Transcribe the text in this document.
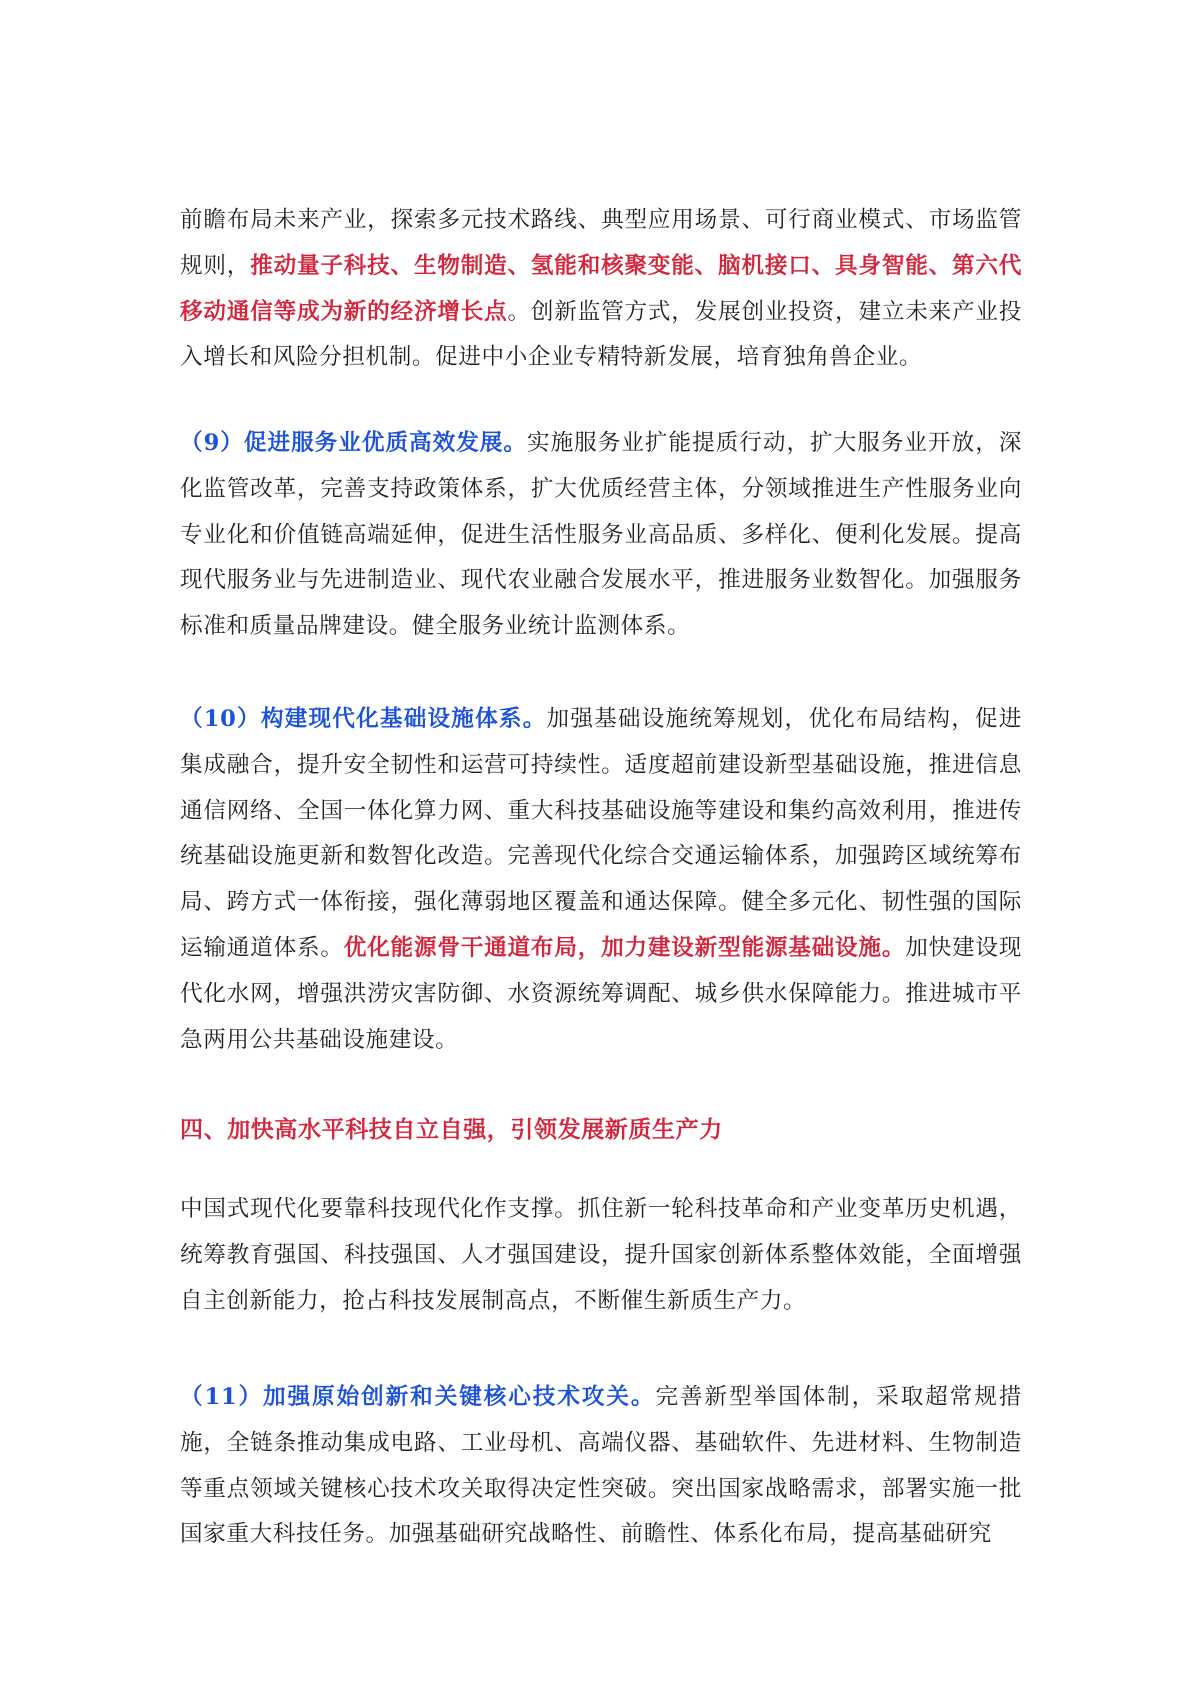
前瞻布局未来产业，探索多元技术路线、典型应用场景、可行商业模式、市场监管规则，推动量子科技、生物制造、氢能和核聚变能、脑机接口、具身智能、第六代移动通信等成为新的经济增长点。创新监管方式，发展创业投资，建立未来产业投入增长和风险分担机制。促进中小企业专精特新发展，培育独角兽企业。

（9）促进服务业优质高效发展。实施服务业扩能提质行动，扩大服务业开放，深化监管改革，完善支持政策体系，扩大优质经营主体，分领域推进生产性服务业向专业化和价值链高端延伸，促进生活性服务业高品质、多样化、便利化发展。提高现代服务业与先进制造业、现代农业融合发展水平，推进服务业数智化。加强服务标准和质量品牌建设。健全服务业统计监测体系。

（10）构建现代化基础设施体系。加强基础设施统筹规划，优化布局结构，促进集成融合，提升安全韧性和运营可持续性。适度超前建设新型基础设施，推进信息通信网络、全国一体化算力网、重大科技基础设施等建设和集约高效利用，推进传统基础设施更新和数智化改造。完善现代化综合交通运输体系，加强跨区域统筹布局、跨方式一体衔接，强化薄弱地区覆盖和通达保障。健全多元化、韧性强的国际运输通道体系。优化能源骨干通道布局，加力建设新型能源基础设施。加快建设现代化水网，增强洪涝灾害防御、水资源统筹调配、城乡供水保障能力。推进城市平急两用公共基础设施建设。

四、加快高水平科技自立自强，引领发展新质生产力

中国式现代化要靠科技现代化作支撑。抓住新一轮科技革命和产业变革历史机遇，统筹教育强国、科技强国、人才强国建设，提升国家创新体系整体效能，全面增强自主创新能力，抢占科技发展制高点，不断催生新质生产力。

（11）加强原始创新和关键核心技术攻关。完善新型举国体制，采取超常规措施，全链条推动集成电路、工业母机、高端仪器、基础软件、先进材料、生物制造等重点领域关键核心技术攻关取得决定性突破。突出国家战略需求，部署实施一批国家重大科技任务。加强基础研究战略性、前瞻性、体系化布局，提高基础研究
